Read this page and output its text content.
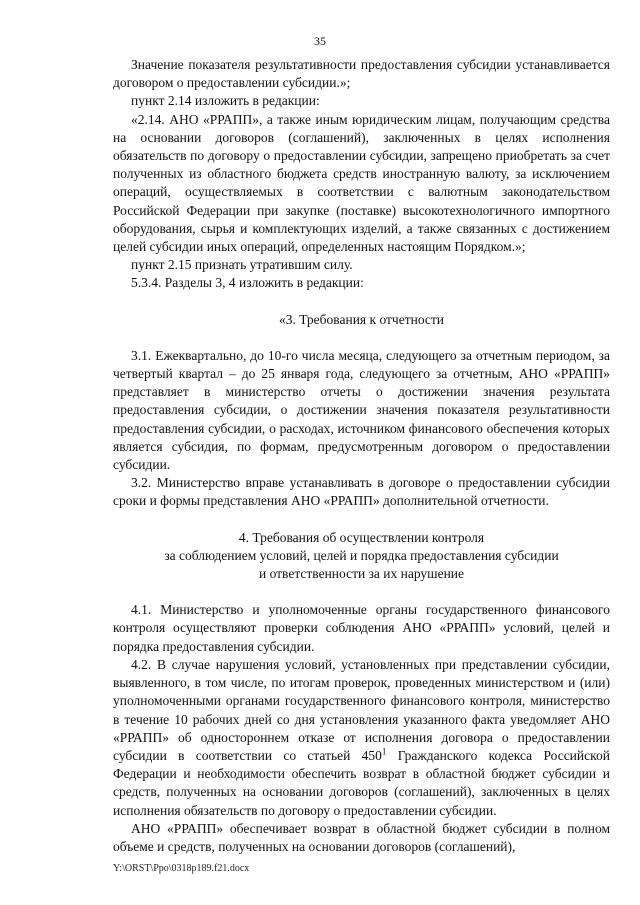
35

Значение показателя результативности предоставления субсидии устанавливается договором о предоставлении субсидии.»;

пункт 2.14 изложить в редакции:

«2.14. АНО «РРАПП», а также иным юридическим лицам, получающим средства на основании договоров (соглашений), заключенных в целях исполнения обязательств по договору о предоставлении субсидии, запрещено приобретать за счет полученных из областного бюджета средств иностранную валюту, за исключением операций, осуществляемых в соответствии с валютным законодательством Российской Федерации при закупке (поставке) высокотехнологичного импортного оборудования, сырья и комплектующих изделий, а также связанных с достижением целей субсидии иных операций, определенных настоящим Порядком.»;

пункт 2.15 признать утратившим силу.

5.3.4. Разделы 3, 4 изложить в редакции:

«3. Требования к отчетности

3.1. Ежеквартально, до 10-го числа месяца, следующего за отчетным периодом, за четвертый квартал – до 25 января года, следующего за отчетным, АНО «РРАПП» представляет в министерство отчеты о достижении значения результата предоставления субсидии, о достижении значения показателя результативности предоставления субсидии, о расходах, источником финансового обеспечения которых является субсидия, по формам, предусмотренным договором о предоставлении субсидии.

3.2. Министерство вправе устанавливать в договоре о предоставлении субсидии сроки и формы представления АНО «РРАПП» дополнительной отчетности.

4. Требования об осуществлении контроля

за соблюдением условий, целей и порядка предоставления субсидии

и ответственности за их нарушение

4.1. Министерство и уполномоченные органы государственного финансового контроля осуществляют проверки соблюдения АНО «РРАПП» условий, целей и порядка предоставления субсидии.

4.2. В случае нарушения условий, установленных при представлении субсидии, выявленного, в том числе, по итогам проверок, проведенных министерством и (или) уполномоченными органами государственного финансового контроля, министерство в течение 10 рабочих дней со дня установления указанного факта уведомляет АНО «РРАПП» об одностороннем отказе от исполнения договора о предоставлении субсидии в соответствии со статьей $450^1$ Гражданского кодекса Российской Федерации и необходимости обеспечить возврат в областной бюджет субсидии и средств, полученных на основании договоров (соглашений), заключенных в целях исполнения обязательств по договору о предоставлении субсидии.

АНО «РРАПП» обеспечивает возврат в областной бюджет субсидии в полном объеме и средств, полученных на основании договоров (соглашений),

Y:\ORST\Ppo\0318p189.f21.docx
